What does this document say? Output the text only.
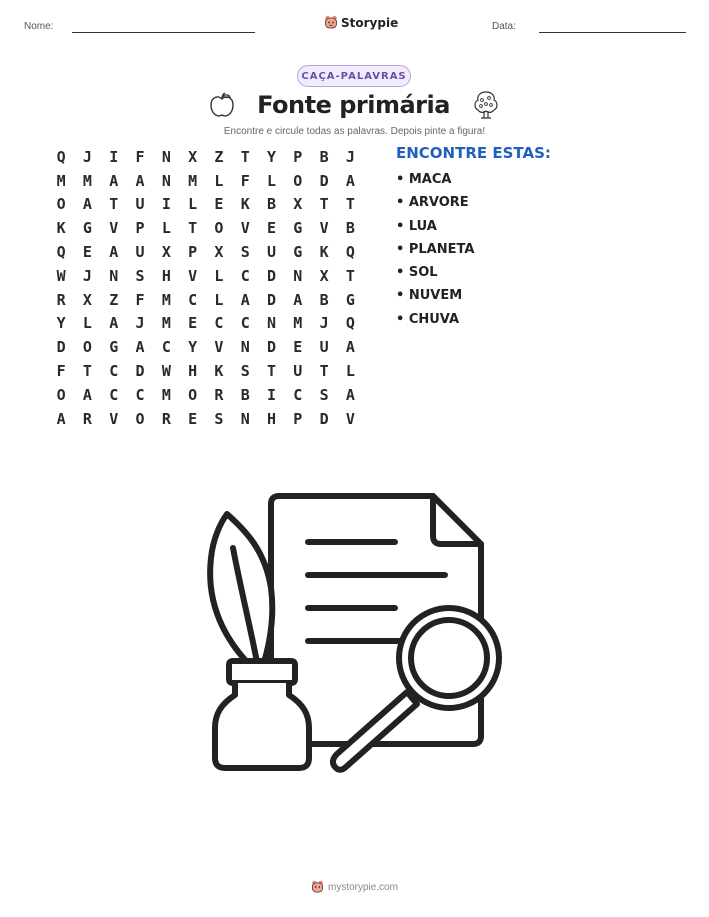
Nome:	Storypie	Data:
CAÇA-PALAVRAS
Fonte primária
Encontre e circule todas as palavras. Depois pinte a figura!
Q	J	I	F	N	X	Z	T	Y	P	B	J
M	M	A	A	N	M	L	F	L	O	D	A
O	A	T	U	I	L	E	K	B	X	T	T
K	G	V	P	L	T	O	V	E	G	V	B
Q	E	A	U	X	P	X	S	U	G	K	Q
W	J	N	S	H	V	L	C	D	N	X	T
R	X	Z	F	M	C	L	A	D	A	B	G
Y	L	A	J	M	E	C	C	N	M	J	Q
D	O	G	A	C	Y	V	N	D	E	U	A
F	T	C	D	W	H	K	S	T	U	T	L
O	A	C	C	M	O	R	B	I	C	S	A
A	R	V	O	R	E	S	N	H	P	D	V
ENCONTRE ESTAS:
• MACA
• ARVORE
• LUA
• PLANETA
• SOL
• NUVEM
• CHUVA
mystorypie.com
